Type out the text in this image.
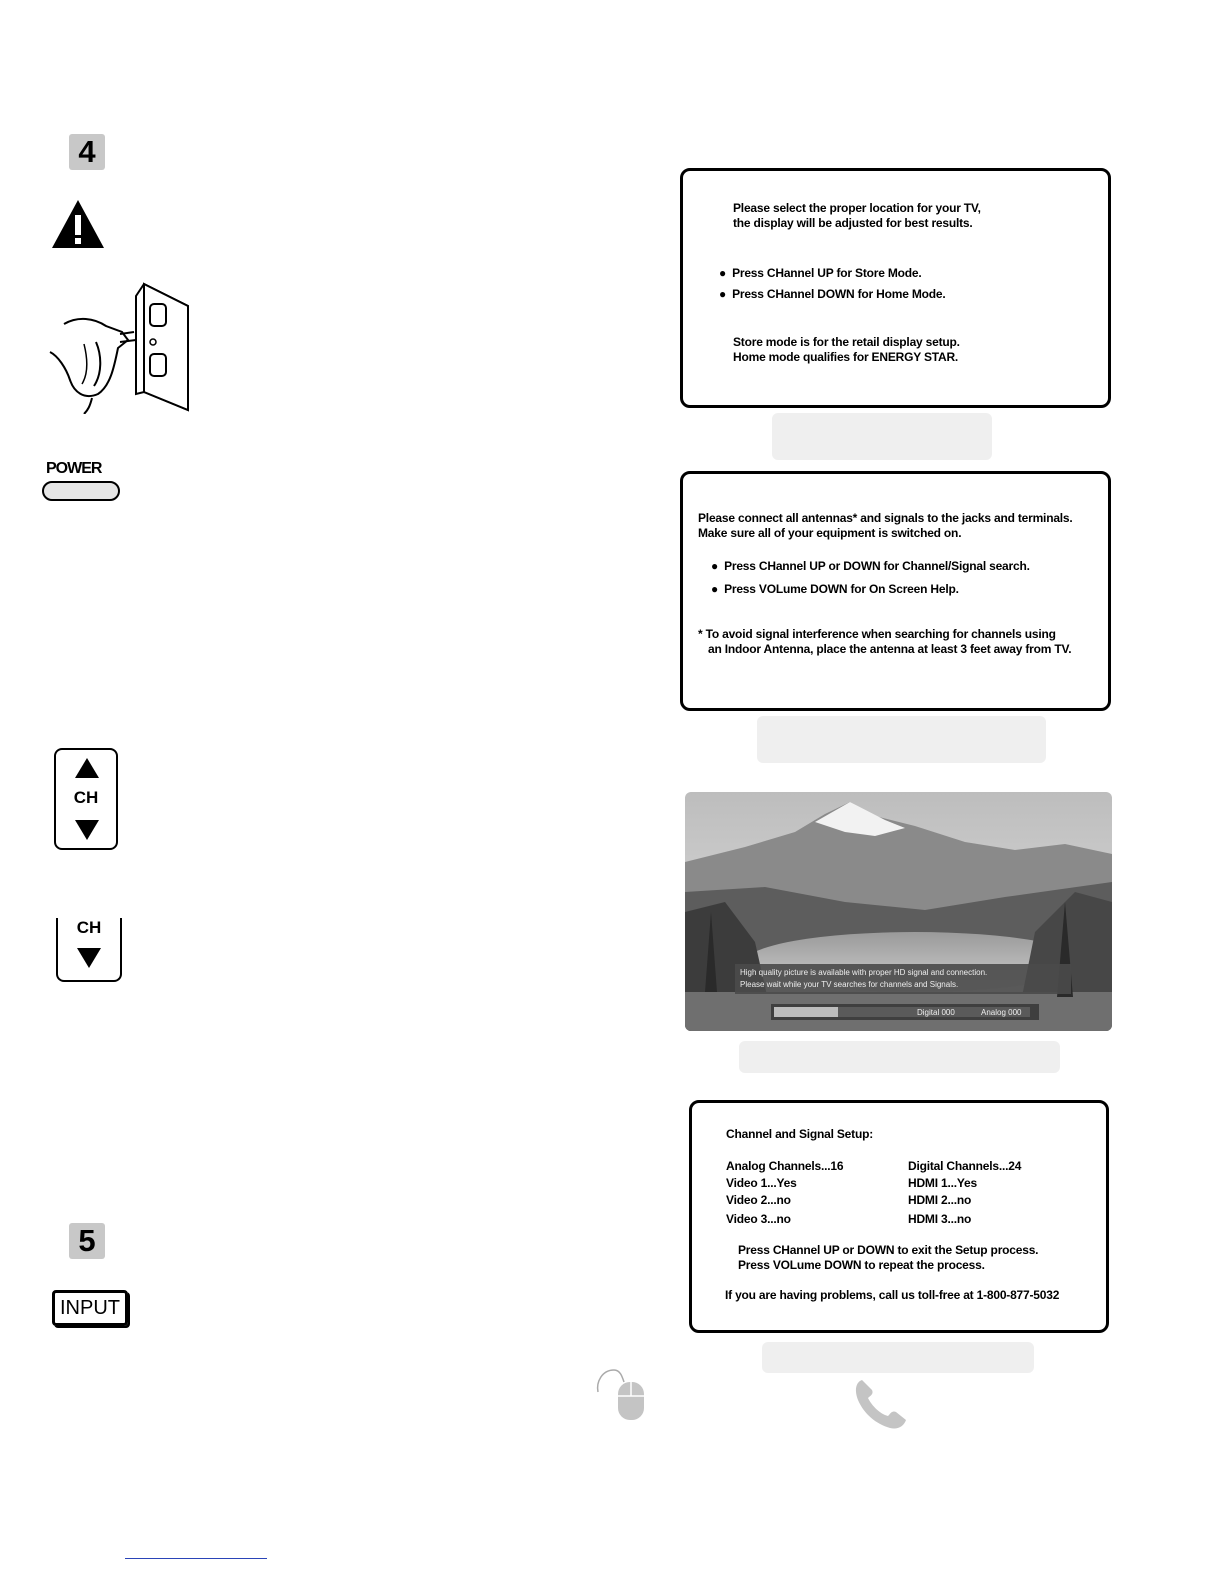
4
POWER
CH
CH
5
INPUT
Please select the proper location for your TV,
the display will be adjusted for best results.
● Press CHannel UP for Store Mode.
● Press CHannel DOWN for Home Mode.
Store mode is for the retail display setup.
Home mode qualifies for ENERGY STAR.
Please connect all antennas* and signals to the jacks and terminals.
Make sure all of your equipment is switched on.
● Press CHannel UP or DOWN for Channel/Signal search.
● Press VOLume DOWN for On Screen Help.
* To avoid signal interference when searching for channels using
an Indoor Antenna, place the antenna at least 3 feet away from TV.
High quality picture is available with proper HD signal and connection.
Please wait while your TV searches for channels and Signals.
Digital 000	Analog 000
Channel and Signal Setup:
Analog Channels...16
Video 1...Yes
Video 2...no
Video 3...no
Digital Channels...24
HDMI 1...Yes
HDMI 2...no
HDMI 3...no
Press CHannel UP or DOWN to exit the Setup process.
Press VOLume DOWN to repeat the process.
If you are having problems, call us toll-free at 1-800-877-5032
